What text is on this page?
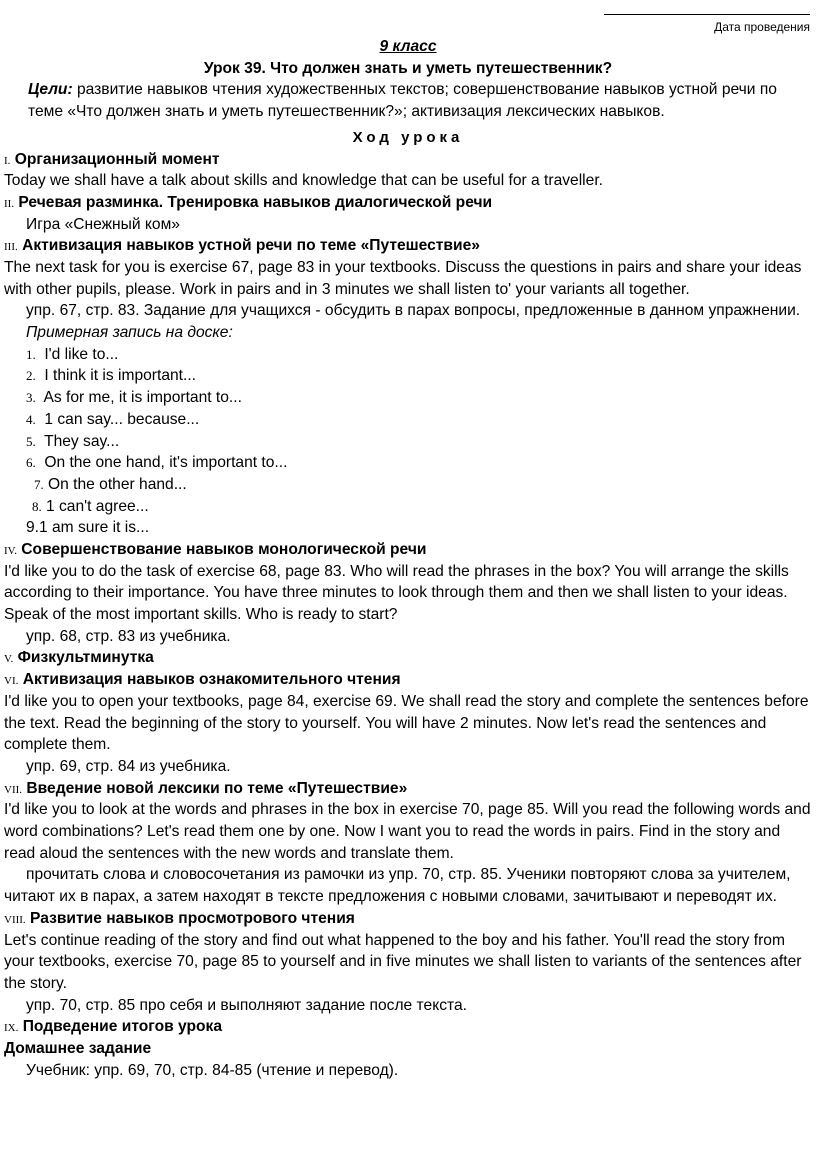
Дата проведения

9 класс

Урок 39. Что должен знать и уметь путешественник?

Цели: развитие навыков чтения художественных текстов; совершенствование навыков устной речи по теме «Что должен знать и уметь путешественник?»; активизация лексических навыков.

Ход урока

I. Организационный момент

Today we shall have a talk about skills and knowledge that can be useful for a traveller.

II. Речевая разминка. Тренировка навыков диалогической речи

Игра «Снежный ком»

III. Активизация навыков устной речи по теме «Путешествие»

The next task for you is exercise 67, page 83 in your textbooks. Discuss the questions in pairs and share your ideas with other pupils, please. Work in pairs and in 3 minutes we shall listen to' your variants all together.

упр. 67, стр. 83. Задание для учащихся - обсудить в парах вопросы, предложенные в данном упражнении.

Примерная запись на доске:

1. I'd like to...
2. I think it is important...
3. As for me, it is important to...
4. 1 can say... because...
5. They say...
6. On the one hand, it's important to...
7. On the other hand...
8. 1 can't agree...
9.1 am sure it is...
IV. Совершенствование навыков монологической речи

I'd like you to do the task of exercise 68, page 83. Who will read the phrases in the box? You will arrange the skills according to their importance. You have three minutes to look through them and then we shall listen to your ideas. Speak of the most important skills. Who is ready to start?

упр. 68, стр. 83 из учебника.

V. Физкультминутка
VI. Активизация навыков ознакомительного чтения

I'd like you to open your textbooks, page 84, exercise 69. We shall read the story and complete the sentences before the text. Read the beginning of the story to yourself. You will have 2 minutes. Now let's read the sentences and complete them.

упр. 69, стр. 84 из учебника.

VII. Введение новой лексики по теме «Путешествие»

I'd like you to look at the words and phrases in the box in exercise 70, page 85. Will you read the following words and word combinations? Let's read them one by one. Now I want you to read the words in pairs. Find in the story and read aloud the sentences with the new words and translate them.

прочитать слова и словосочетания из рамочки из упр. 70, стр. 85. Ученики повторяют слова за учителем, читают их в парах, а затем находят в тексте предложения с новыми словами, зачитывают и переводят их.

VIII. Развитие навыков просмотрового чтения

Let's continue reading of the story and find out what happened to the boy and his father. You'll read the story from your textbooks, exercise 70, page 85 to yourself and in five minutes we shall listen to variants of the sentences after the story.

упр. 70, стр. 85 про себя и выполняют задание после текста.

IX. Подведение итогов урока

Домашнее задание

Учебник: упр. 69, 70, стр. 84-85 (чтение и перевод).
